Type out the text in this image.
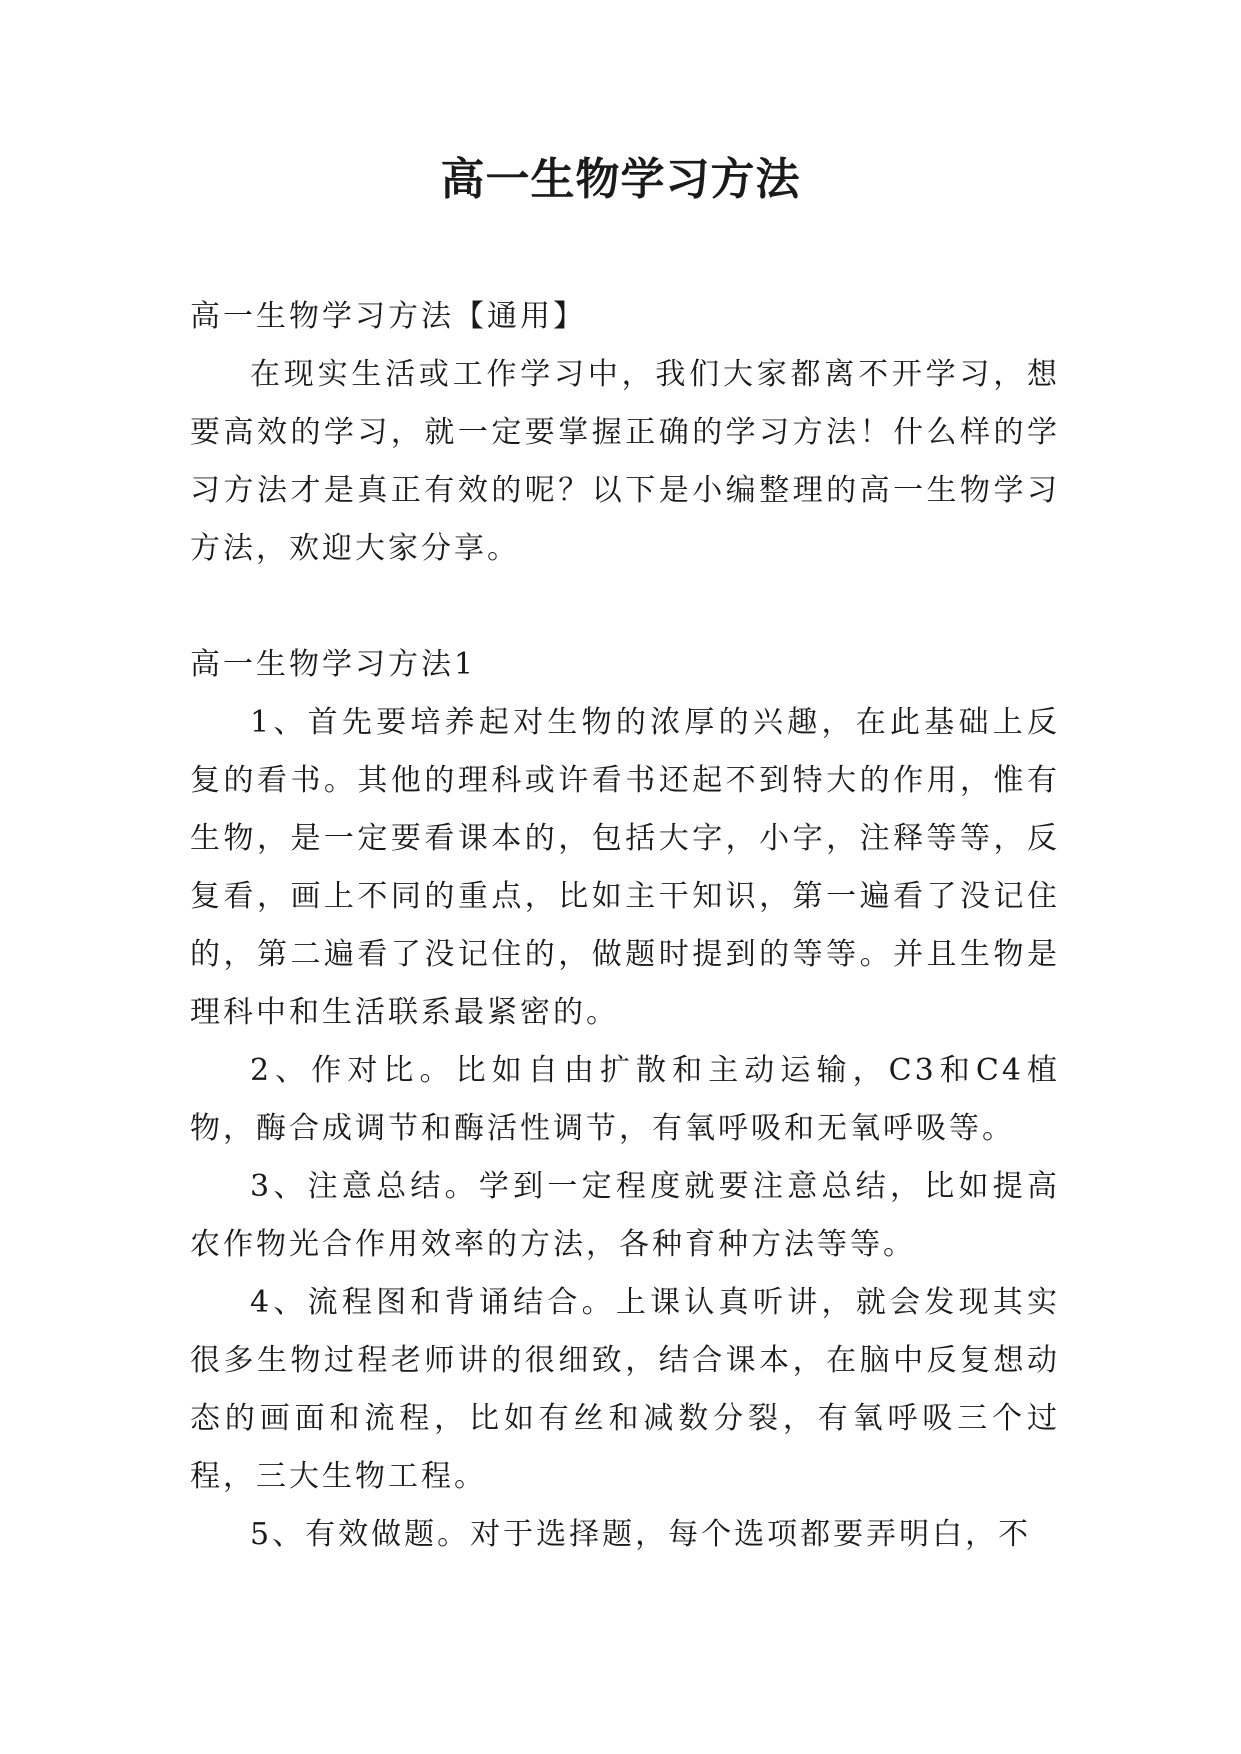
高一生物学习方法

高一生物学习方法【通用】

在现实生活或工作学习中，我们大家都离不开学习，想要高效的学习，就一定要掌握正确的学习方法！什么样的学习方法才是真正有效的呢？以下是小编整理的高一生物学习方法，欢迎大家分享。

高一生物学习方法1

1、首先要培养起对生物的浓厚的兴趣，在此基础上反复的看书。其他的理科或许看书还起不到特大的作用，惟有生物，是一定要看课本的，包括大字，小字，注释等等，反复看，画上不同的重点，比如主干知识，第一遍看了没记住的，第二遍看了没记住的，做题时提到的等等。并且生物是理科中和生活联系最紧密的。

2、作对比。比如自由扩散和主动运输，C3和C4植物，酶合成调节和酶活性调节，有氧呼吸和无氧呼吸等。

3、注意总结。学到一定程度就要注意总结，比如提高农作物光合作用效率的方法，各种育种方法等等。

4、流程图和背诵结合。上课认真听讲，就会发现其实很多生物过程老师讲的很细致，结合课本，在脑中反复想动态的画面和流程，比如有丝和减数分裂，有氧呼吸三个过程，三大生物工程。

5、有效做题。对于选择题，每个选项都要弄明白，不
